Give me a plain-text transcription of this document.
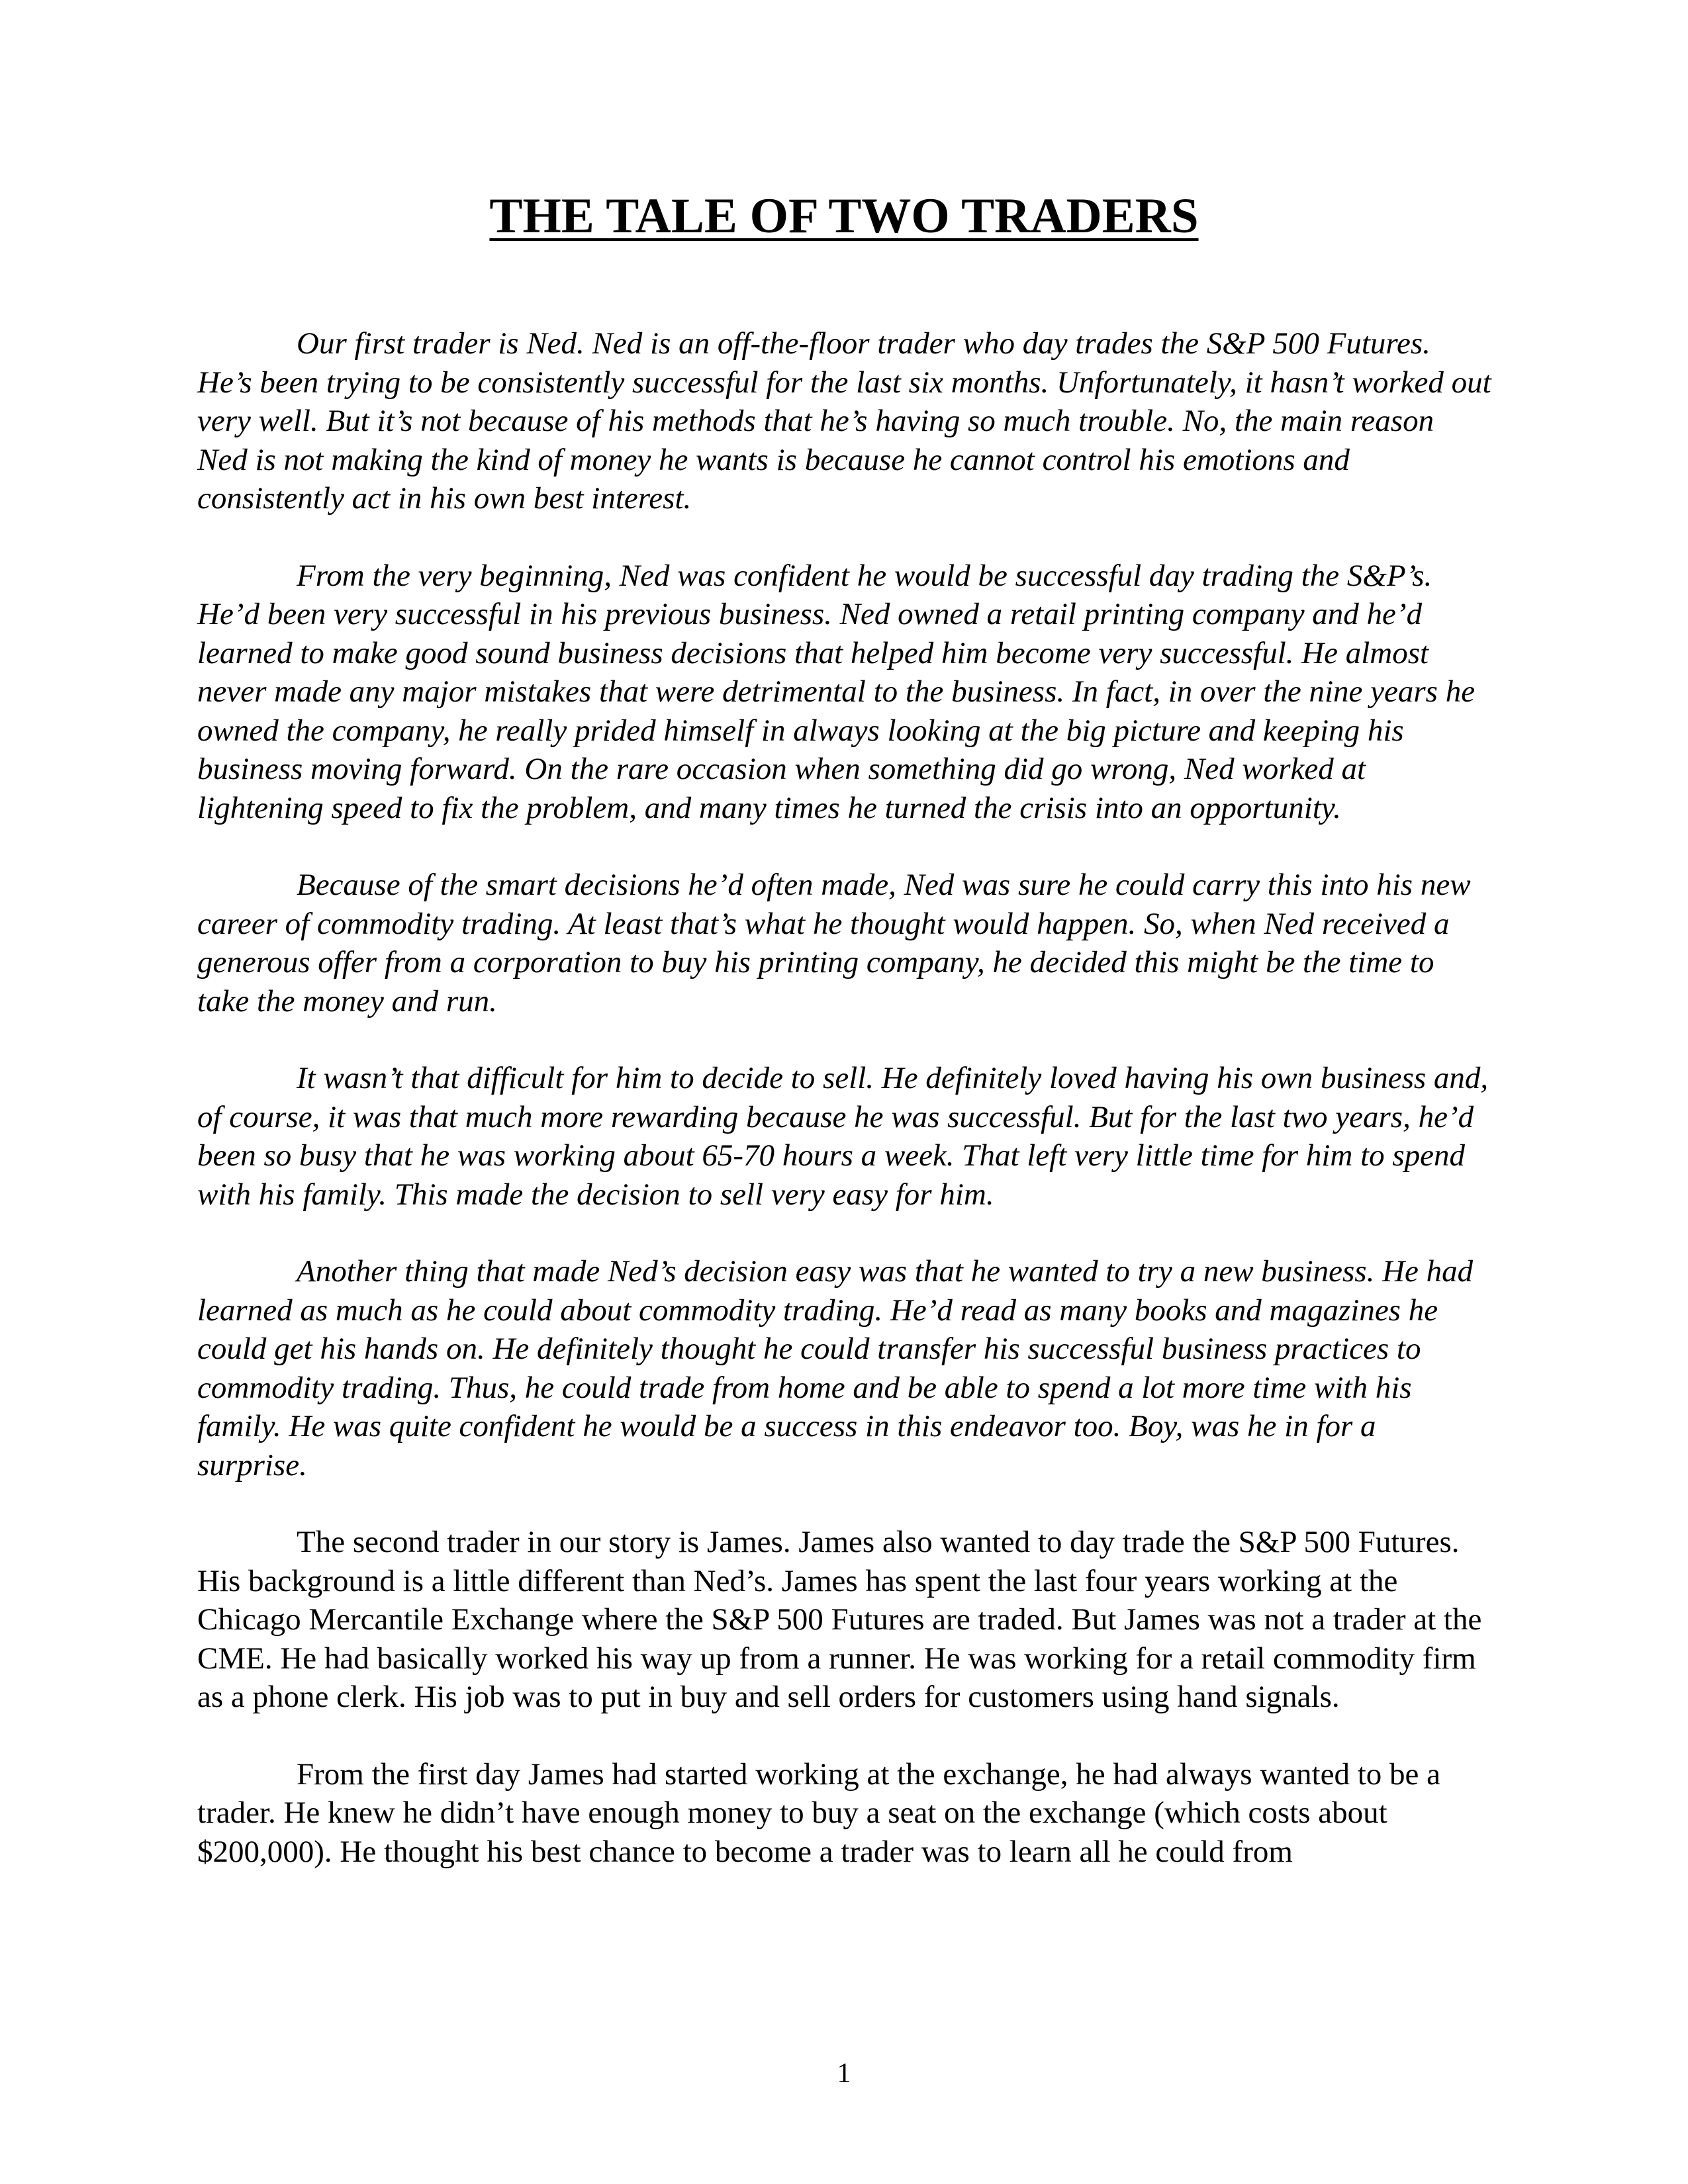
THE TALE OF TWO TRADERS

Our first trader is Ned. Ned is an off-the-floor trader who day trades the S&P 500 Futures. He’s been trying to be consistently successful for the last six months. Unfortunately, it hasn’t worked out very well. But it’s not because of his methods that he’s having so much trouble. No, the main reason Ned is not making the kind of money he wants is because he cannot control his emotions and consistently act in his own best interest.

From the very beginning, Ned was confident he would be successful day trading the S&P’s. He’d been very successful in his previous business. Ned owned a retail printing company and he’d learned to make good sound business decisions that helped him become very successful. He almost never made any major mistakes that were detrimental to the business. In fact, in over the nine years he owned the company, he really prided himself in always looking at the big picture and keeping his business moving forward. On the rare occasion when something did go wrong, Ned worked at lightening speed to fix the problem, and many times he turned the crisis into an opportunity.

Because of the smart decisions he’d often made, Ned was sure he could carry this into his new career of commodity trading. At least that’s what he thought would happen. So, when Ned received a generous offer from a corporation to buy his printing company, he decided this might be the time to take the money and run.

It wasn’t that difficult for him to decide to sell. He definitely loved having his own business and, of course, it was that much more rewarding because he was successful. But for the last two years, he’d been so busy that he was working about 65-70 hours a week. That left very little time for him to spend with his family. This made the decision to sell very easy for him.

Another thing that made Ned’s decision easy was that he wanted to try a new business. He had learned as much as he could about commodity trading. He’d read as many books and magazines he could get his hands on. He definitely thought he could transfer his successful business practices to commodity trading. Thus, he could trade from home and be able to spend a lot more time with his family. He was quite confident he would be a success in this endeavor too. Boy, was he in for a surprise.

The second trader in our story is James. James also wanted to day trade the S&P 500 Futures. His background is a little different than Ned’s. James has spent the last four years working at the Chicago Mercantile Exchange where the S&P 500 Futures are traded. But James was not a trader at the CME. He had basically worked his way up from a runner. He was working for a retail commodity firm as a phone clerk. His job was to put in buy and sell orders for customers using hand signals.

From the first day James had started working at the exchange, he had always wanted to be a trader. He knew he didn’t have enough money to buy a seat on the exchange (which costs about $200,000). He thought his best chance to become a trader was to learn all he could from

1
